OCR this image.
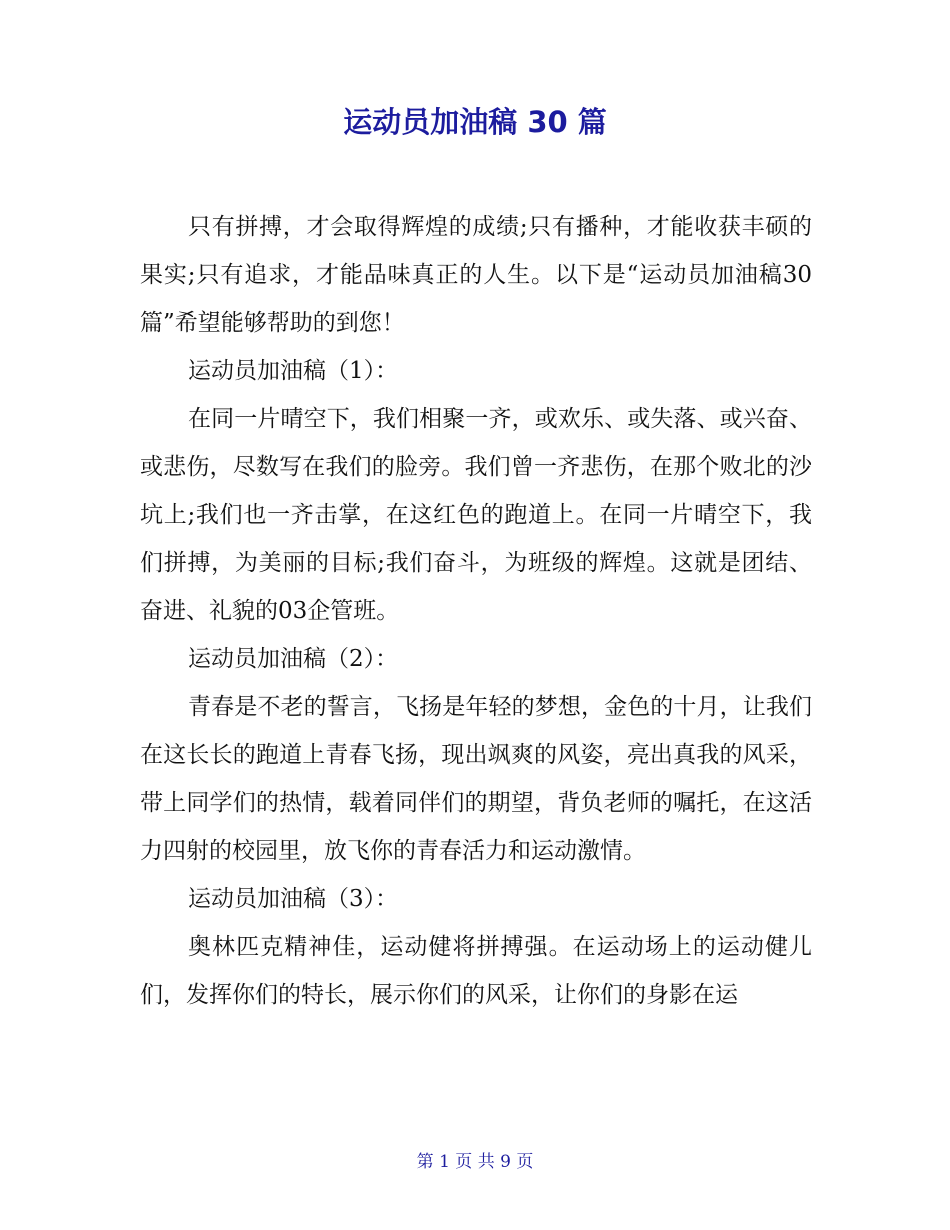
运动员加油稿 30 篇

只有拼搏，才会取得辉煌的成绩;只有播种，才能收获丰硕的果实;只有追求，才能品味真正的人生。以下是“运动员加油稿30篇”希望能够帮助的到您！

运动员加油稿（1）：

在同一片晴空下，我们相聚一齐，或欢乐、或失落、或兴奋、或悲伤，尽数写在我们的脸旁。我们曾一齐悲伤，在那个败北的沙坑上;我们也一齐击掌，在这红色的跑道上。在同一片晴空下，我们拼搏，为美丽的目标;我们奋斗，为班级的辉煌。这就是团结、奋进、礼貌的03企管班。

运动员加油稿（2）：

青春是不老的誓言，飞扬是年轻的梦想，金色的十月，让我们在这长长的跑道上青春飞扬，现出飒爽的风姿，亮出真我的风采，带上同学们的热情，载着同伴们的期望，背负老师的嘱托，在这活力四射的校园里，放飞你的青春活力和运动激情。

运动员加油稿（3）：

奥林匹克精神佳，运动健将拼搏强。在运动场上的运动健儿们，发挥你们的特长，展示你们的风采，让你们的身影在运

第 1 页 共 9 页
